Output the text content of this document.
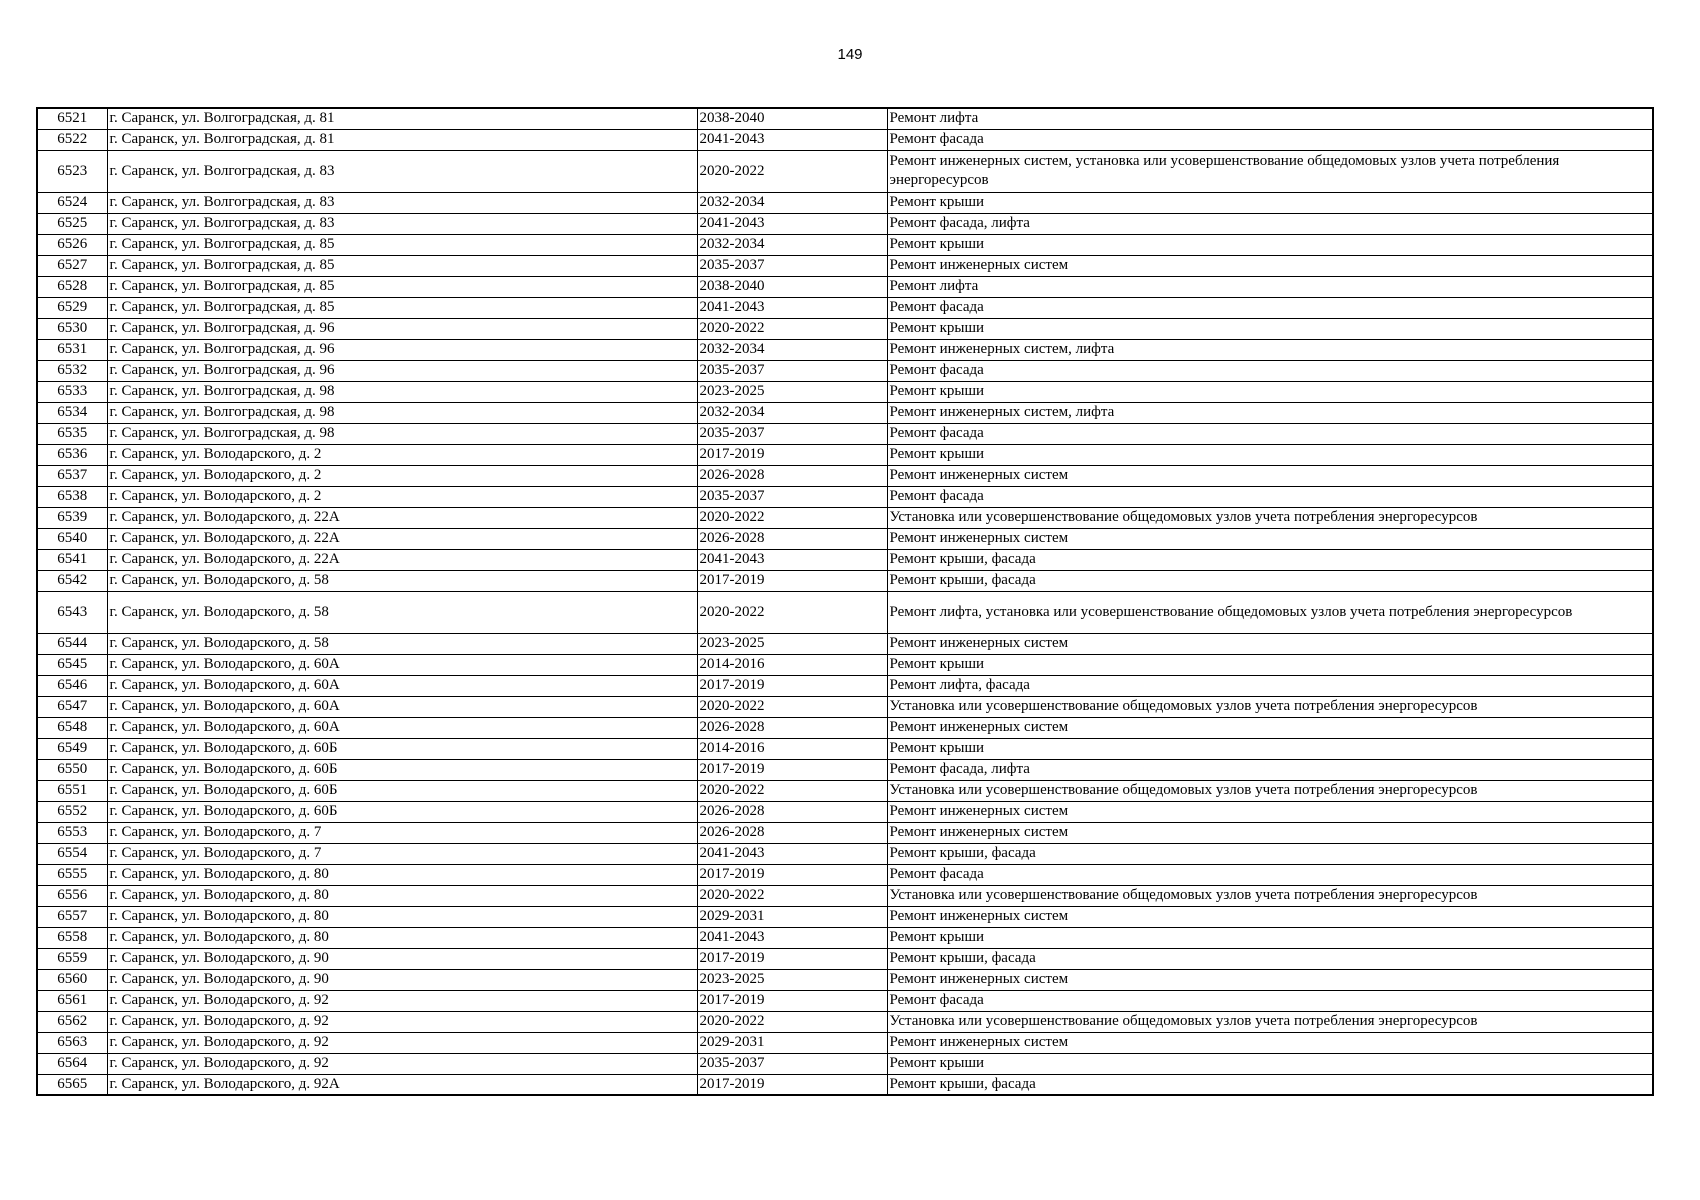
149
6521	г. Саранск, ул. Волгоградская, д. 81	2038-2040	Ремонт лифта
6522	г. Саранск, ул. Волгоградская, д. 81	2041-2043	Ремонт фасада
6523	г. Саранск, ул. Волгоградская, д. 83	2020-2022	Ремонт инженерных систем, установка или усовершенствование общедомовых узлов учета потребления энергоресурсов
6524	г. Саранск, ул. Волгоградская, д. 83	2032-2034	Ремонт крыши
6525	г. Саранск, ул. Волгоградская, д. 83	2041-2043	Ремонт фасада, лифта
6526	г. Саранск, ул. Волгоградская, д. 85	2032-2034	Ремонт крыши
6527	г. Саранск, ул. Волгоградская, д. 85	2035-2037	Ремонт инженерных систем
6528	г. Саранск, ул. Волгоградская, д. 85	2038-2040	Ремонт лифта
6529	г. Саранск, ул. Волгоградская, д. 85	2041-2043	Ремонт фасада
6530	г. Саранск, ул. Волгоградская, д. 96	2020-2022	Ремонт крыши
6531	г. Саранск, ул. Волгоградская, д. 96	2032-2034	Ремонт инженерных систем, лифта
6532	г. Саранск, ул. Волгоградская, д. 96	2035-2037	Ремонт фасада
6533	г. Саранск, ул. Волгоградская, д. 98	2023-2025	Ремонт крыши
6534	г. Саранск, ул. Волгоградская, д. 98	2032-2034	Ремонт инженерных систем, лифта
6535	г. Саранск, ул. Волгоградская, д. 98	2035-2037	Ремонт фасада
6536	г. Саранск, ул. Володарского, д. 2	2017-2019	Ремонт крыши
6537	г. Саранск, ул. Володарского, д. 2	2026-2028	Ремонт инженерных систем
6538	г. Саранск, ул. Володарского, д. 2	2035-2037	Ремонт фасада
6539	г. Саранск, ул. Володарского, д. 22А	2020-2022	Установка или усовершенствование общедомовых узлов учета потребления энергоресурсов
6540	г. Саранск, ул. Володарского, д. 22А	2026-2028	Ремонт инженерных систем
6541	г. Саранск, ул. Володарского, д. 22А	2041-2043	Ремонт крыши, фасада
6542	г. Саранск, ул. Володарского, д. 58	2017-2019	Ремонт крыши, фасада
6543	г. Саранск, ул. Володарского, д. 58	2020-2022	Ремонт лифта, установка или усовершенствование общедомовых узлов учета потребления энергоресурсов
6544	г. Саранск, ул. Володарского, д. 58	2023-2025	Ремонт инженерных систем
6545	г. Саранск, ул. Володарского, д. 60А	2014-2016	Ремонт крыши
6546	г. Саранск, ул. Володарского, д. 60А	2017-2019	Ремонт лифта, фасада
6547	г. Саранск, ул. Володарского, д. 60А	2020-2022	Установка или усовершенствование общедомовых узлов учета потребления энергоресурсов
6548	г. Саранск, ул. Володарского, д. 60А	2026-2028	Ремонт инженерных систем
6549	г. Саранск, ул. Володарского, д. 60Б	2014-2016	Ремонт крыши
6550	г. Саранск, ул. Володарского, д. 60Б	2017-2019	Ремонт фасада, лифта
6551	г. Саранск, ул. Володарского, д. 60Б	2020-2022	Установка или усовершенствование общедомовых узлов учета потребления энергоресурсов
6552	г. Саранск, ул. Володарского, д. 60Б	2026-2028	Ремонт инженерных систем
6553	г. Саранск, ул. Володарского, д. 7	2026-2028	Ремонт инженерных систем
6554	г. Саранск, ул. Володарского, д. 7	2041-2043	Ремонт крыши, фасада
6555	г. Саранск, ул. Володарского, д. 80	2017-2019	Ремонт фасада
6556	г. Саранск, ул. Володарского, д. 80	2020-2022	Установка или усовершенствование общедомовых узлов учета потребления энергоресурсов
6557	г. Саранск, ул. Володарского, д. 80	2029-2031	Ремонт инженерных систем
6558	г. Саранск, ул. Володарского, д. 80	2041-2043	Ремонт крыши
6559	г. Саранск, ул. Володарского, д. 90	2017-2019	Ремонт крыши, фасада
6560	г. Саранск, ул. Володарского, д. 90	2023-2025	Ремонт инженерных систем
6561	г. Саранск, ул. Володарского, д. 92	2017-2019	Ремонт фасада
6562	г. Саранск, ул. Володарского, д. 92	2020-2022	Установка или усовершенствование общедомовых узлов учета потребления энергоресурсов
6563	г. Саранск, ул. Володарского, д. 92	2029-2031	Ремонт инженерных систем
6564	г. Саранск, ул. Володарского, д. 92	2035-2037	Ремонт крыши
6565	г. Саранск, ул. Володарского, д. 92А	2017-2019	Ремонт крыши, фасада
